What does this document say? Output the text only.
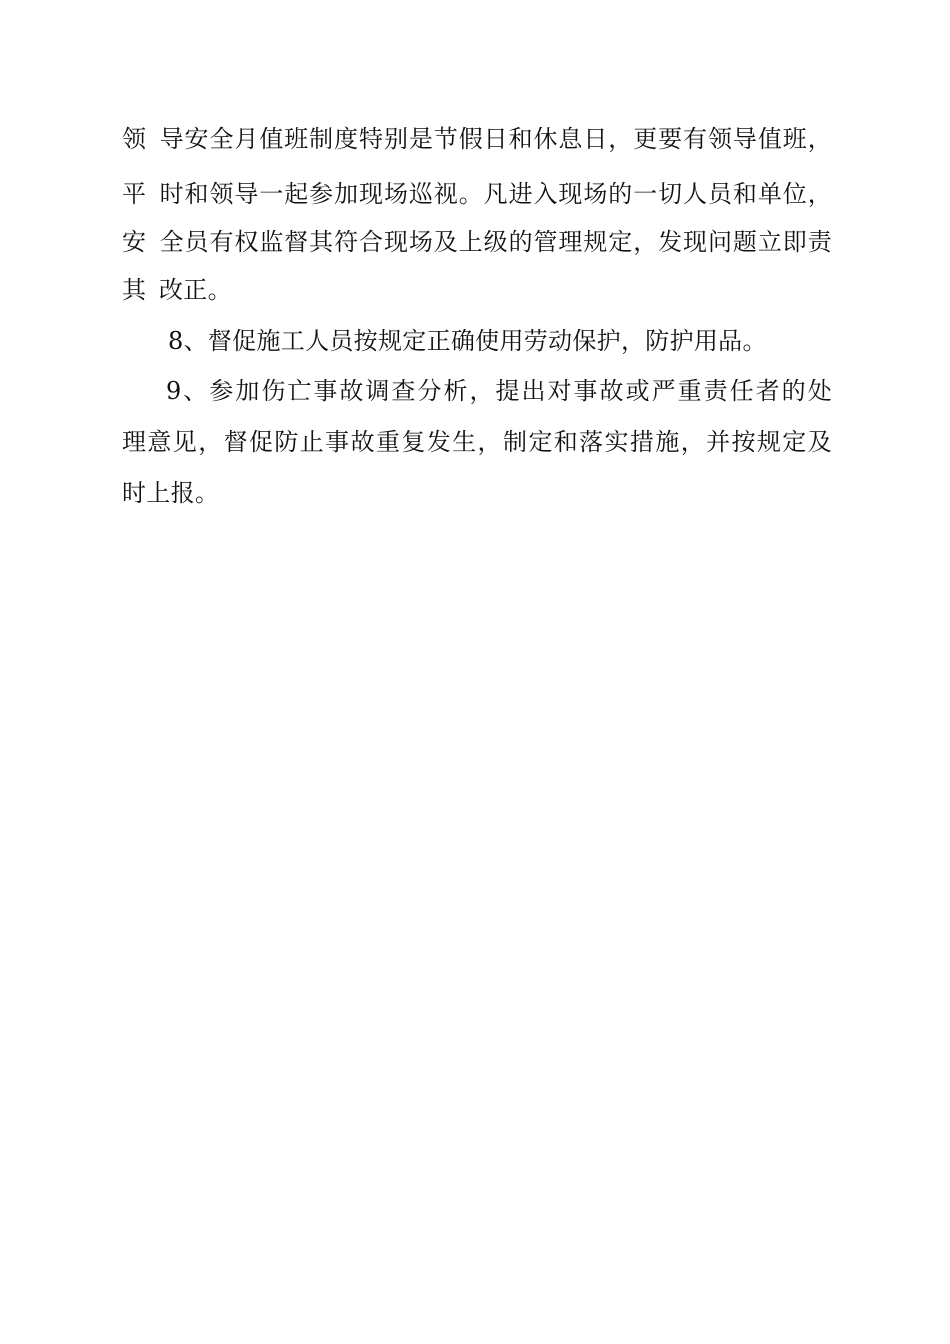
领 导安全月值班制度特别是节假日和休息日，更要有领导值班，
平 时和领导一起参加现场巡视。凡进入现场的一切人员和单位，
安 全员有权监督其符合现场及上级的管理规定，发现问题立即责
其 改正。
8、督促施工人员按规定正确使用劳动保护，防护用品。
9、参加伤亡事故调查分析，提出对事故或严重责任者的处
理意见，督促防止事故重复发生，制定和落实措施，并按规定及
时上报。
